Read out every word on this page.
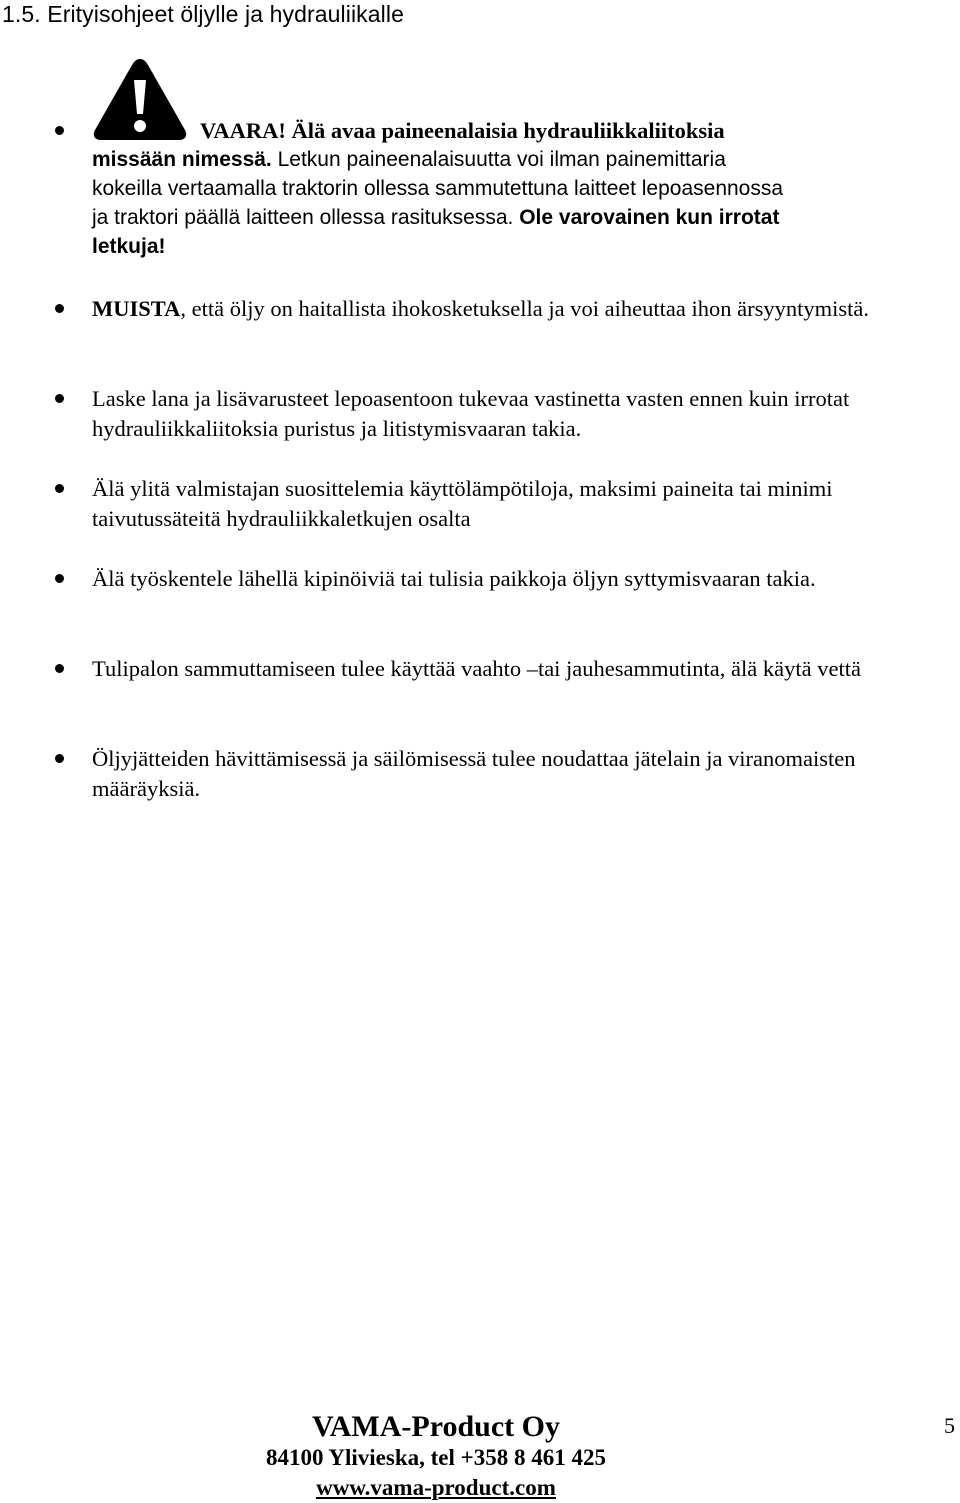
1.5. Erityisohjeet öljylle ja hydrauliikalle
VAARA! Älä avaa paineenalaisia hydrauliikkaliitoksia
missään nimessä. Letkun paineenalaisuutta voi ilman painemittaria
kokeilla vertaamalla traktorin ollessa sammutettuna laitteet lepoasennossa
ja traktori päällä laitteen ollessa rasituksessa. Ole varovainen kun irrotat
letkuja!
MUISTA, että öljy on haitallista ihokosketuksella ja voi aiheuttaa ihon ärsyyntymistä.
Laske lana ja lisävarusteet lepoasentoon tukevaa vastinetta vasten ennen kuin irrotat hydrauliikkaliitoksia puristus ja litistymisvaaran takia.
Älä ylitä valmistajan suosittelemia käyttölämpötiloja, maksimi paineita tai minimi taivutussäteitä hydrauliikkaletkujen osalta
Älä työskentele lähellä kipinöiviä tai tulisia paikkoja öljyn syttymisvaaran takia.
Tulipalon sammuttamiseen tulee käyttää vaahto –tai jauhesammutinta, älä käytä vettä
Öljyjätteiden hävittämisessä ja säilömisessä tulee noudattaa jätelain ja viranomaisten määräyksiä.
VAMA-Product Oy
84100 Ylivieska, tel +358 8 461 425
www.vama-product.com
5
